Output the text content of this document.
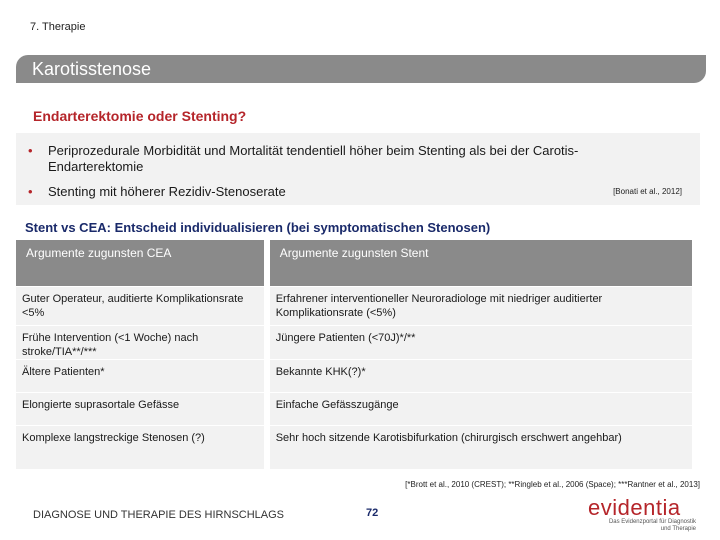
7. Therapie
Karotisstenose
Endarterektomie oder Stenting?
• Periprozedurale Morbidität und Mortalität tendentiell höher beim Stenting als bei der Carotis-Endarterektomie
• Stenting mit höherer Rezidiv-Stenoserate	[Bonati et al., 2012]
Stent vs CEA: Entscheid individualisieren (bei symptomatischen Stenosen)
Argumente zugunsten CEA	Argumente zugunsten Stent
Guter Operateur, auditierte Komplikationsrate <5%	Erfahrener interventioneller Neuroradiologe mit niedriger auditierter Komplikationsrate (<5%)
Frühe Intervention (<1 Woche) nach stroke/TIA**/***	Jüngere Patienten (<70J)*/**
Ältere Patienten*	Bekannte KHK(?)*
Elongierte suprasortale Gefässe	Einfache Gefässzugänge
Komplexe langstreckige Stenosen (?)	Sehr hoch sitzende Karotisbifurkation (chirurgisch erschwert angehbar)
[*Brott et al., 2010 (CREST); **Ringleb et al., 2006 (Space); ***Rantner et al., 2013]
DIAGNOSE UND THERAPIE DES HIRNSCHLAGS	72	evidentia
Das Evidenzportal für Diagnostik
und Therapie
